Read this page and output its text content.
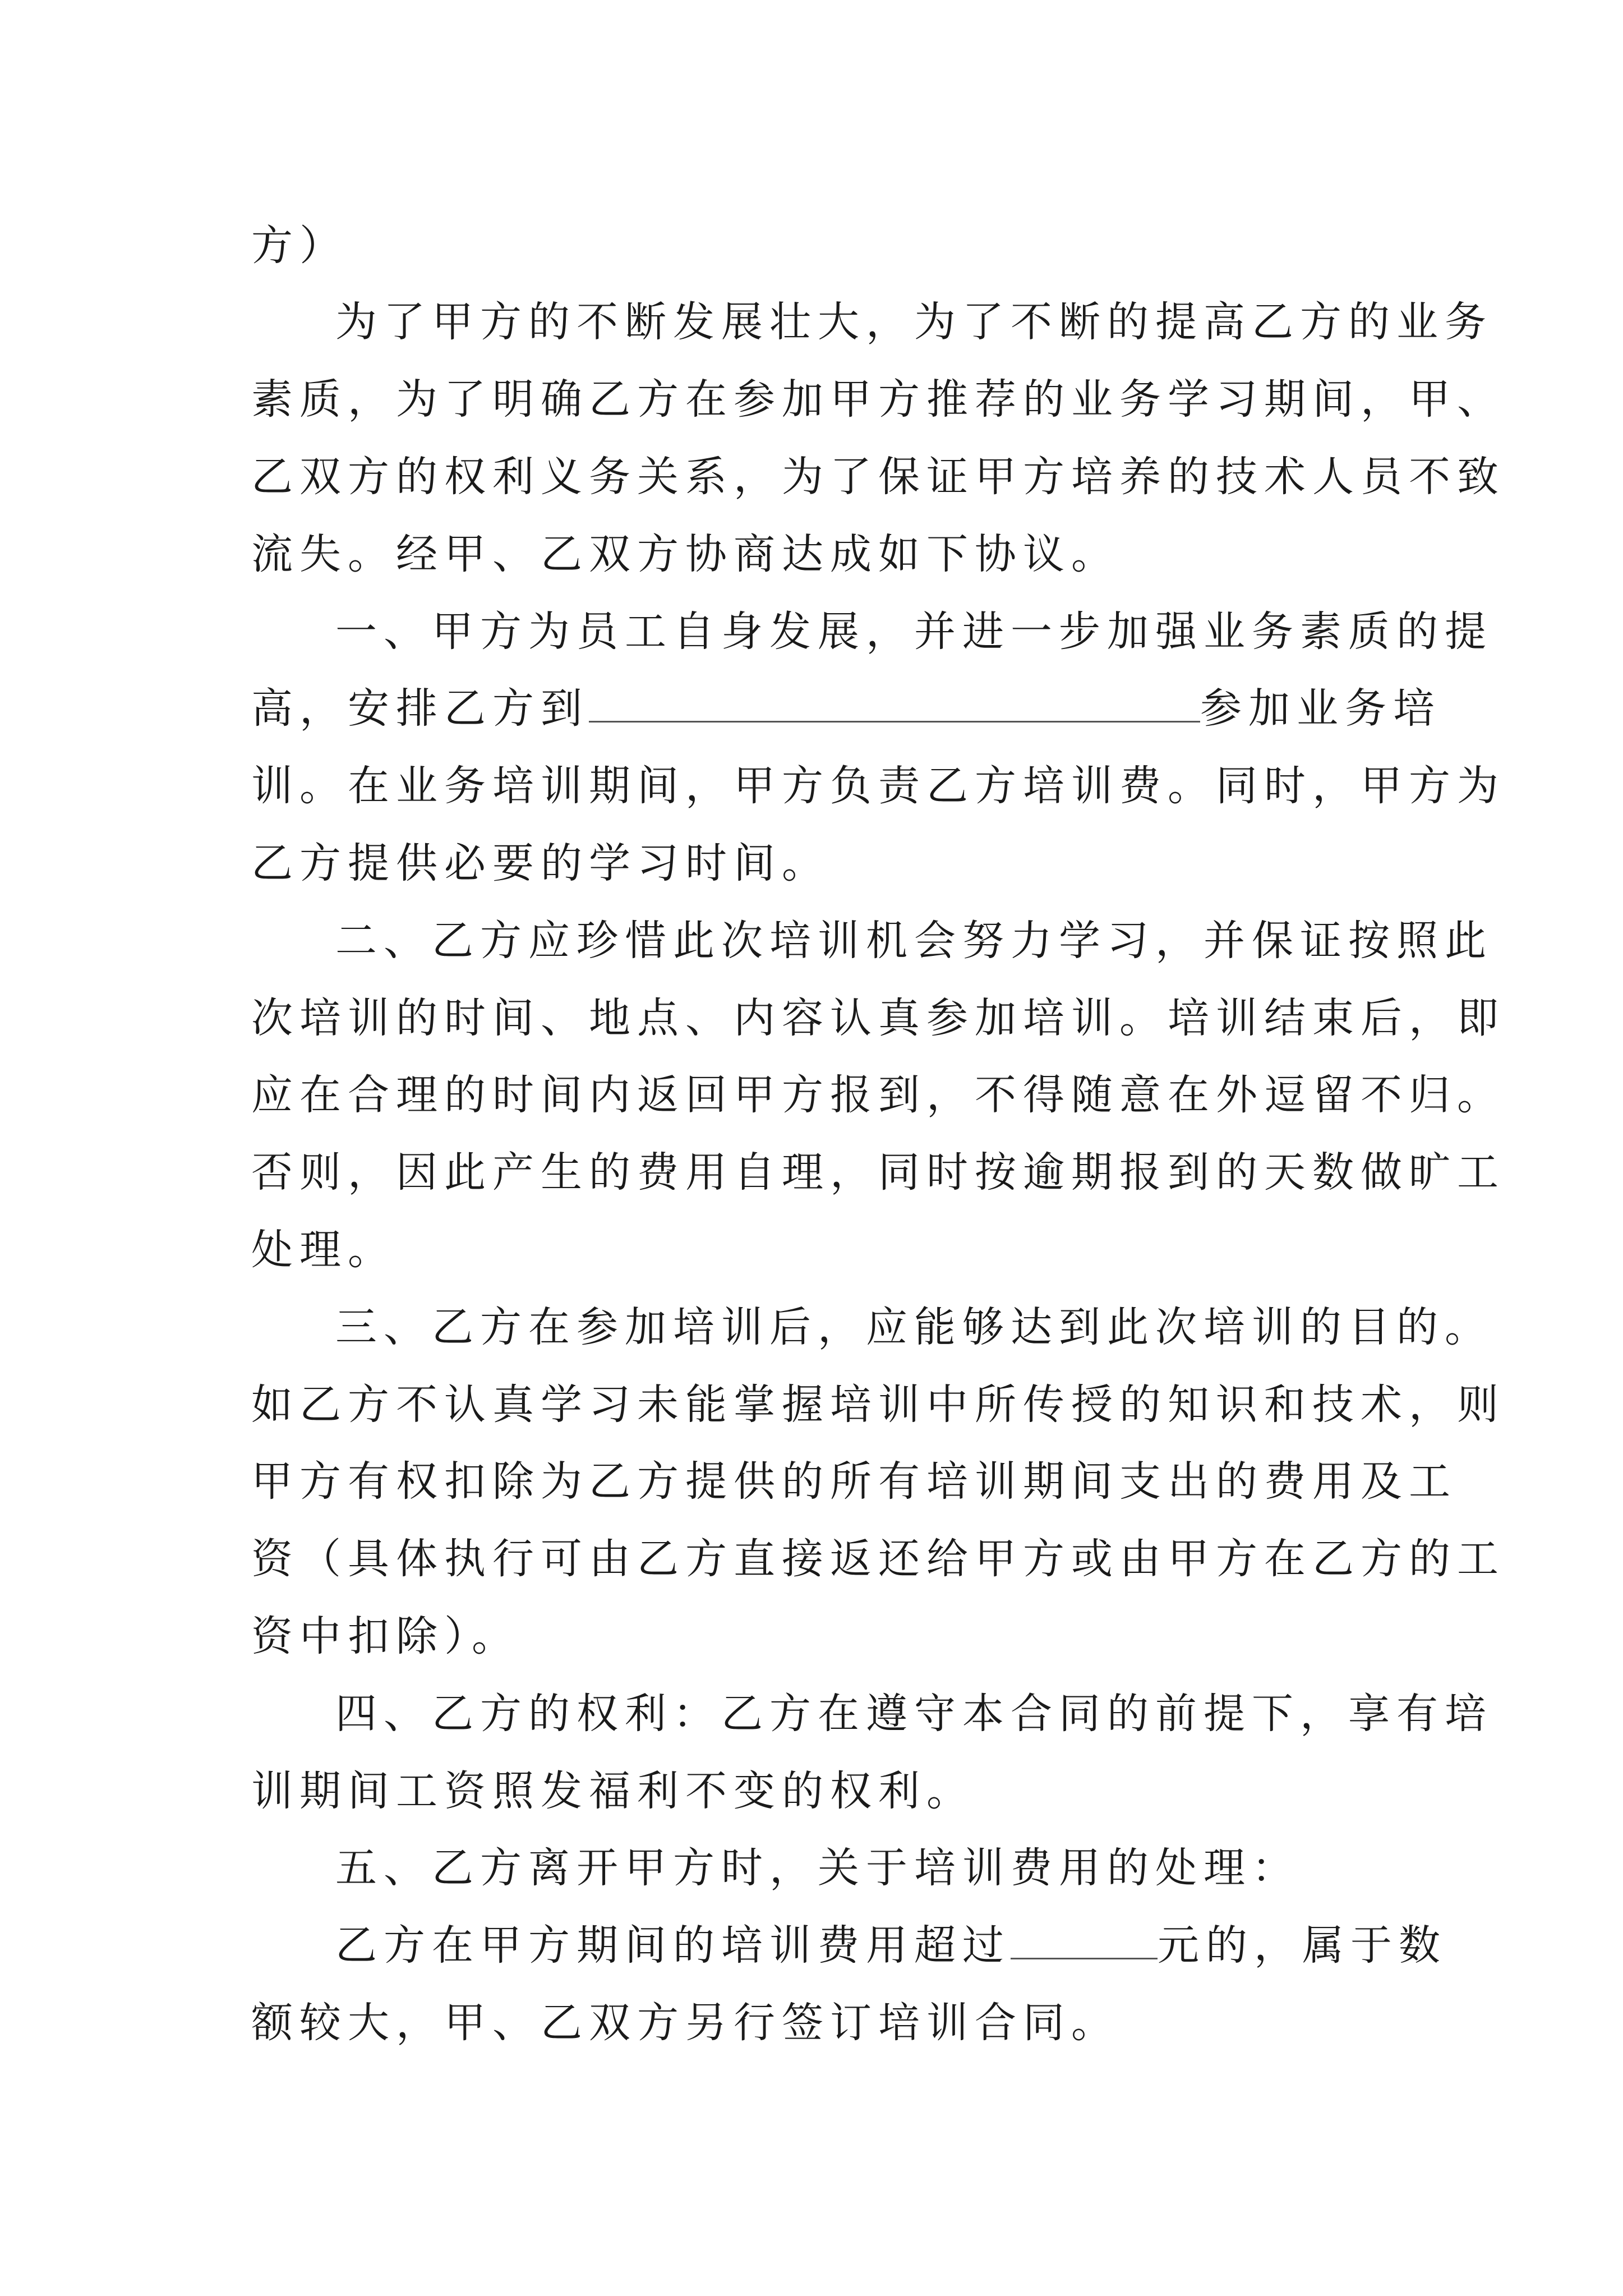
方）
为了甲方的不断发展壮大，为了不断的提高乙方的业务
素质，为了明确乙方在参加甲方推荐的业务学习期间，甲、
乙双方的权利义务关系，为了保证甲方培养的技术人员不致
流失。经甲、乙双方协商达成如下协议。
一、甲方为员工自身发展，并进一步加强业务素质的提
高，安排乙方到	参加业务培
训。在业务培训期间，甲方负责乙方培训费。同时，甲方为
乙方提供必要的学习时间。
二、乙方应珍惜此次培训机会努力学习，并保证按照此
次培训的时间、地点、内容认真参加培训。培训结束后，即
应在合理的时间内返回甲方报到，不得随意在外逗留不归。
否则，因此产生的费用自理，同时按逾期报到的天数做旷工
处理。
三、乙方在参加培训后，应能够达到此次培训的目的。
如乙方不认真学习未能掌握培训中所传授的知识和技术，则
甲方有权扣除为乙方提供的所有培训期间支出的费用及工
资（具体执行可由乙方直接返还给甲方或由甲方在乙方的工
资中扣除）。
四、乙方的权利：乙方在遵守本合同的前提下，享有培
训期间工资照发福利不变的权利。
五、乙方离开甲方时，关于培训费用的处理：
乙方在甲方期间的培训费用超过	元的，属于数
额较大，甲、乙双方另行签订培训合同。
